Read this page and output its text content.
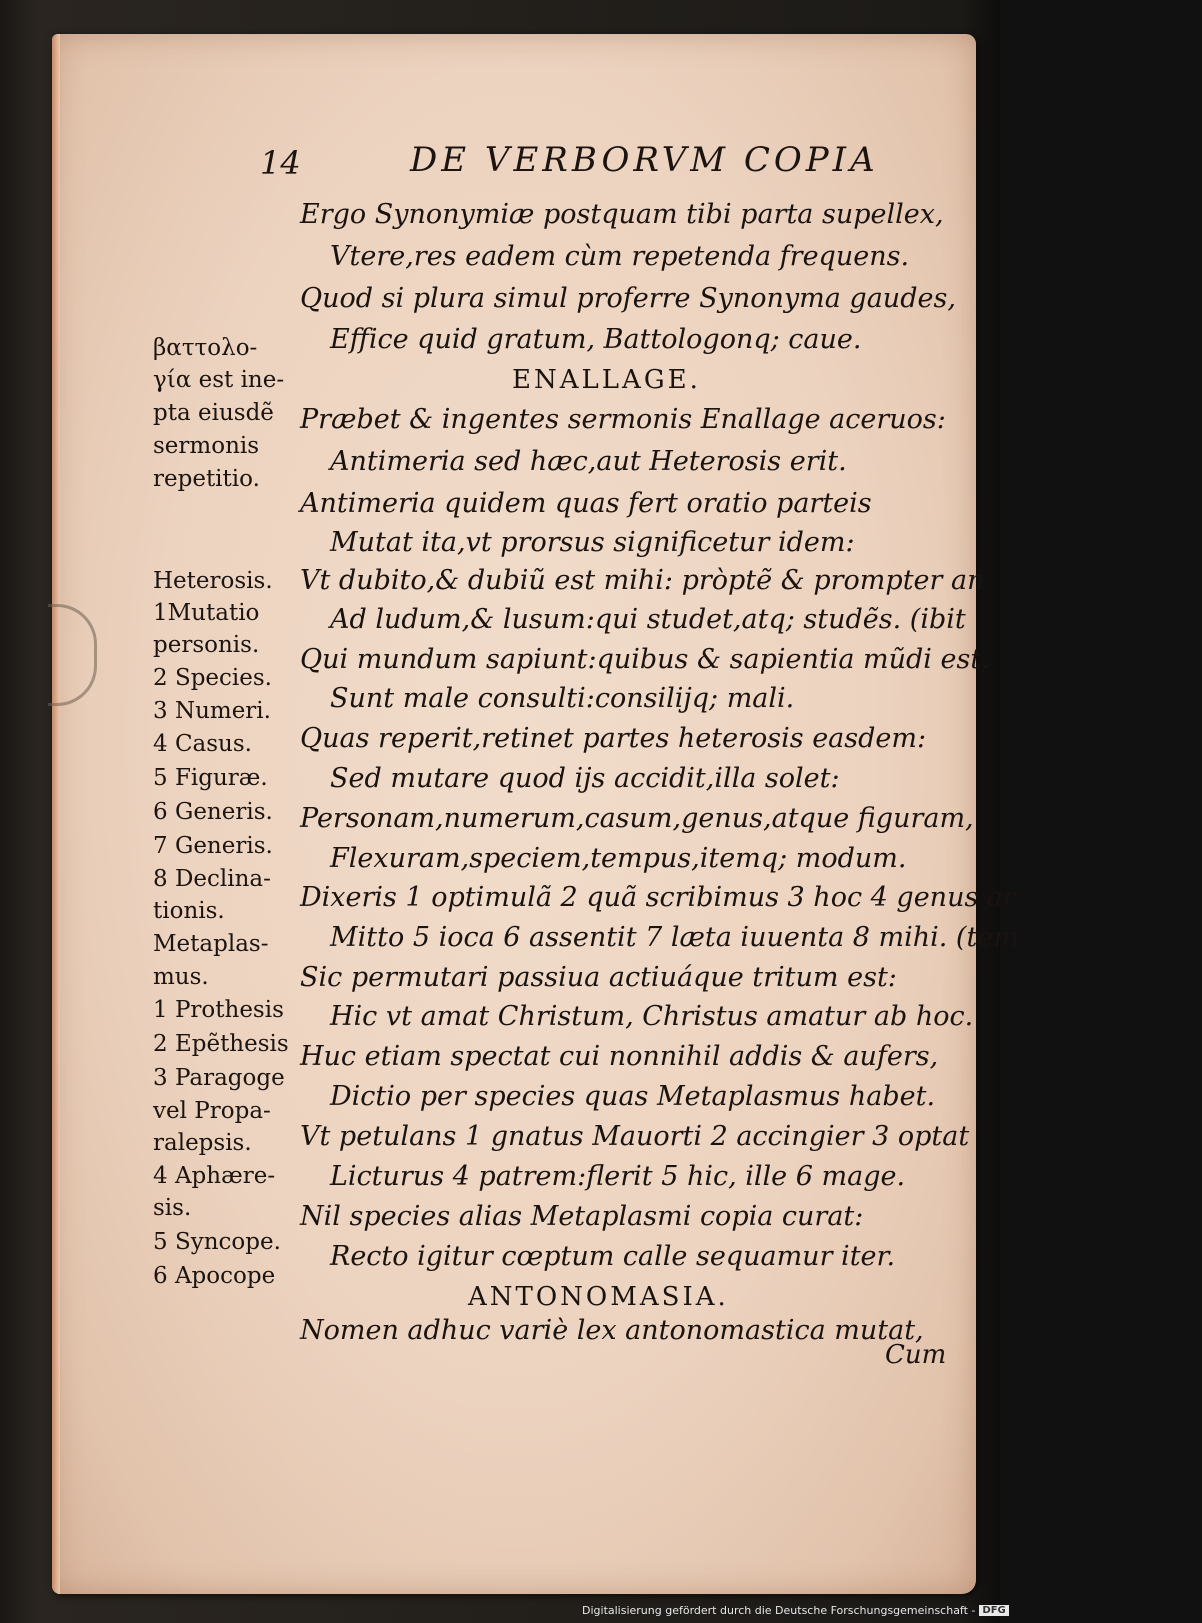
14	DE VERBORVM COPIA
Ergo Synonymiæ postquam tibi parta supellex,
Vtere,res eadem cùm repetenda frequens.
Quod si plura simul proferre Synonyma gaudes,
Effice quid gratum, Battologonq; caue.
ENALLAGE.
Præbet & ingentes sermonis Enallage aceruos:
Antimeria sed hæc,aut Heterosis erit.
Antimeria quidem quas fert oratio parteis
Mutat ita,vt prorsus significetur idem:
Vt dubito,& dubiũ est mihi: pròptẽ & prompter an
Ad ludum,& lusum:qui studet,atq; studẽs. (ibit
Qui mundum sapiunt:quibus & sapientia mũdi est.
Sunt male consulti:consilijq; mali.
Quas reperit,retinet partes heterosis easdem:
Sed mutare quod ijs accidit,illa solet:
Personam,numerum,casum,genus,atque figuram,
Flexuram,speciem,tempus,itemq; modum.
Dixeris 1 optimulã 2 quã scribimus 3 hoc 4 genus ar
Mitto 5 ioca 6 assentit 7 læta iuuenta 8 mihi. (tem
Sic permutari passiua actiuáque tritum est:
Hic vt amat Christum, Christus amatur ab hoc.
Huc etiam spectat cui nonnihil addis & aufers,
Dictio per species quas Metaplasmus habet.
Vt petulans 1 gnatus Mauorti 2 accingier 3 optat
Licturus 4 patrem:flerit 5 hic, ille 6 mage.
Nil species alias Metaplasmi copia curat:
Recto igitur cœptum calle sequamur iter.
ANTONOMASIA.
Nomen adhuc variè lex antonomastica mutat,
βαττολο-
γία est ine-
pta eiusdẽ
sermonis
repetitio.
Heterosis.
1Mutatio
personis.
2 Species.
3 Numeri.
4 Casus.
5 Figuræ.
6 Generis.
7 Generis.
8 Declina-
tionis.
Metaplas-
mus.
1 Prothesis
2 Epẽthesis
3 Paragoge
vel Propa-
ralepsis.
4 Aphære-
sis.
5 Syncope.
6 Apocope
Cum
Digitalisierung gefördert durch die Deutsche Forschungsgemeinschaft - DFG
